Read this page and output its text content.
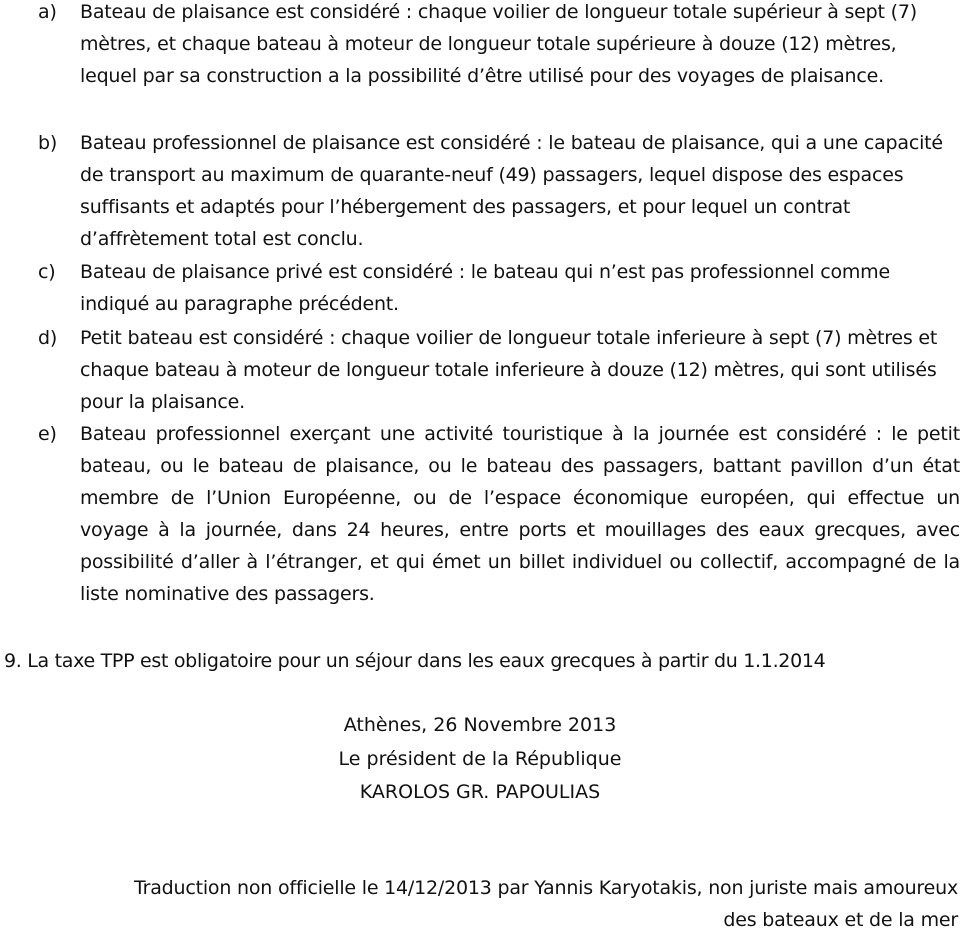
a) Bateau de plaisance est considéré : chaque voilier de longueur totale supérieur à sept (7) mètres, et chaque bateau à moteur de longueur totale supérieure à douze (12) mètres, lequel par sa construction a la possibilité d’être utilisé pour des voyages de plaisance.
b) Bateau professionnel de plaisance est considéré : le bateau de plaisance, qui a une capacité de transport au maximum de quarante-neuf (49) passagers, lequel dispose des espaces suffisants et adaptés pour l’hébergement des passagers, et pour lequel un contrat d’affrètement total est conclu.
c) Bateau de plaisance privé est considéré : le bateau qui n’est pas professionnel comme indiqué au paragraphe précédent.
d) Petit bateau est considéré : chaque voilier de longueur totale inferieure à sept (7) mètres et chaque bateau à moteur de longueur totale inferieure à douze (12) mètres, qui sont utilisés pour la plaisance.
e) Bateau professionnel exerçant une activité touristique à la journée est considéré : le petit bateau, ou le bateau de plaisance, ou le bateau des passagers, battant pavillon d’un état membre de l’Union Européenne, ou de l’espace économique européen, qui effectue un voyage à la journée, dans 24 heures, entre ports et mouillages des eaux grecques, avec possibilité d’aller à l’étranger, et qui émet un billet individuel ou collectif, accompagné de la liste nominative des passagers.
9. La taxe TPP est obligatoire pour un séjour dans les eaux grecques à partir du 1.1.2014
Athènes, 26 Novembre 2013
Le président de la République
KAROLOS GR. PAPOULIAS
Traduction non officielle le 14/12/2013 par Yannis Karyotakis, non juriste mais amoureux des bateaux et de la mer
